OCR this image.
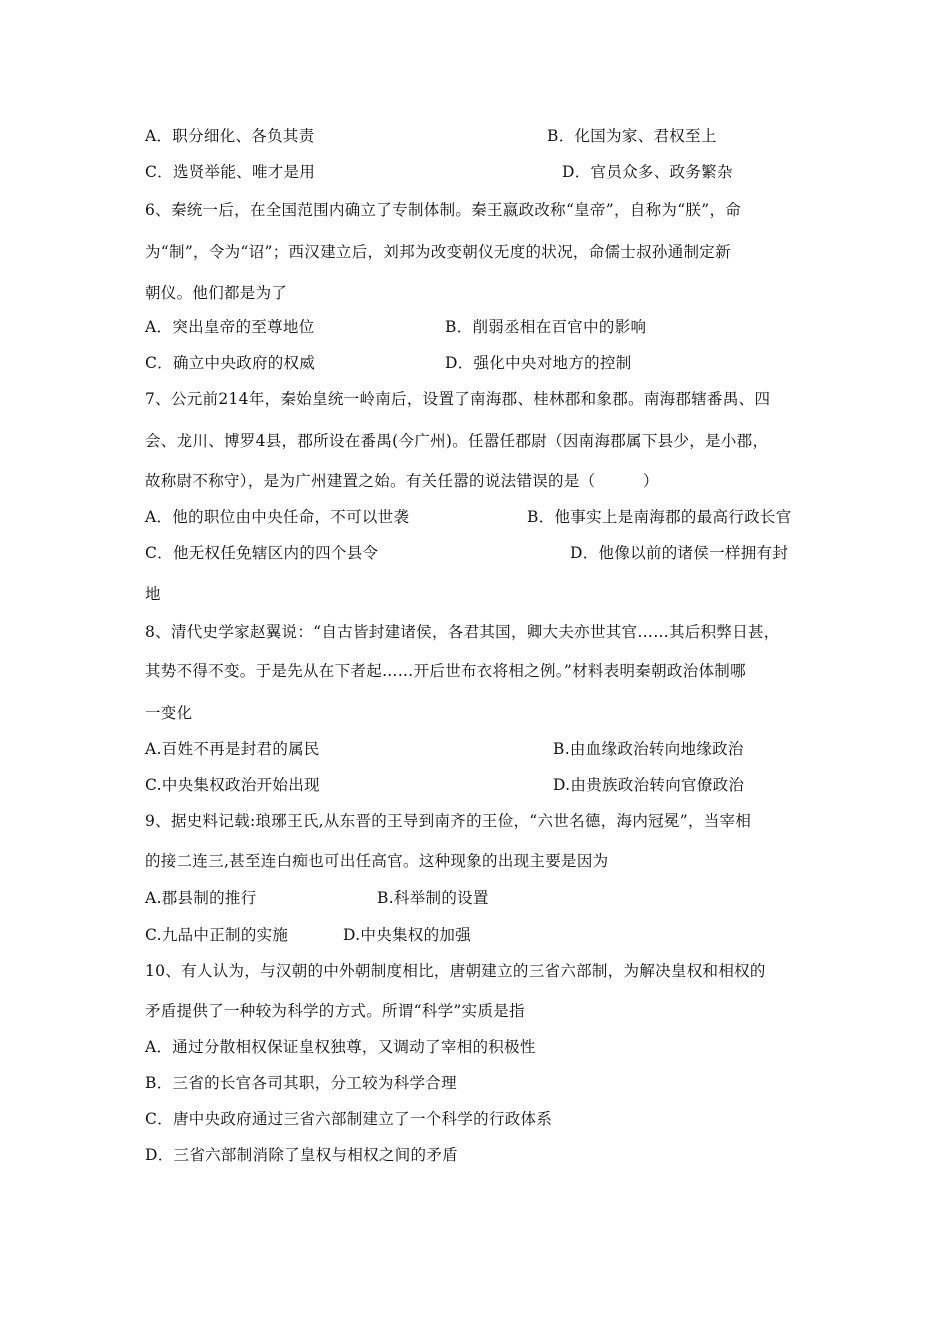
A．职分细化、各负其责	B．化国为家、君权至上
C．选贤举能、唯才是用	D．官员众多、政务繁杂
6、秦统一后，在全国范围内确立了专制体制。秦王嬴政改称“皇帝”，自称为“朕”，命
为“制”，令为“诏”；西汉建立后，刘邦为改变朝仪无度的状况，命儒士叔孙通制定新
朝仪。他们都是为了
A．突出皇帝的至尊地位	B．削弱丞相在百官中的影响
C．确立中央政府的权威	D．强化中央对地方的控制
7、公元前214年，秦始皇统一岭南后，设置了南海郡、桂林郡和象郡。南海郡辖番禺、四
会、龙川、博罗4县，郡所设在番禺(今广州)。任嚣任郡尉（因南海郡属下县少，是小郡，
故称尉不称守），是为广州建置之始。有关任嚣的说法错误的是（　　　）
A．他的职位由中央任命，不可以世袭	B．他事实上是南海郡的最高行政长官
C．他无权任免辖区内的四个县令	D．他像以前的诸侯一样拥有封
地
8、清代史学家赵翼说：“自古皆封建诸侯，各君其国，卿大夫亦世其官……其后积弊日甚，
其势不得不变。于是先从在下者起……开后世布衣将相之例。”材料表明秦朝政治体制哪
一变化
A.百姓不再是封君的属民	B.由血缘政治转向地缘政治
C.中央集权政治开始出现	D.由贵族政治转向官僚政治
9、据史料记载:琅琊王氏,从东晋的王导到南齐的王俭，“六世名德，海内冠冕”，当宰相
的接二连三,甚至连白痴也可出任高官。这种现象的出现主要是因为
A.郡县制的推行	B.科举制的设置
C.九品中正制的实施	D.中央集权的加强
10、有人认为，与汉朝的中外朝制度相比，唐朝建立的三省六部制，为解决皇权和相权的
矛盾提供了一种较为科学的方式。所谓“科学”实质是指
A．通过分散相权保证皇权独尊，又调动了宰相的积极性
B．三省的长官各司其职，分工较为科学合理
C．唐中央政府通过三省六部制建立了一个科学的行政体系
D．三省六部制消除了皇权与相权之间的矛盾
